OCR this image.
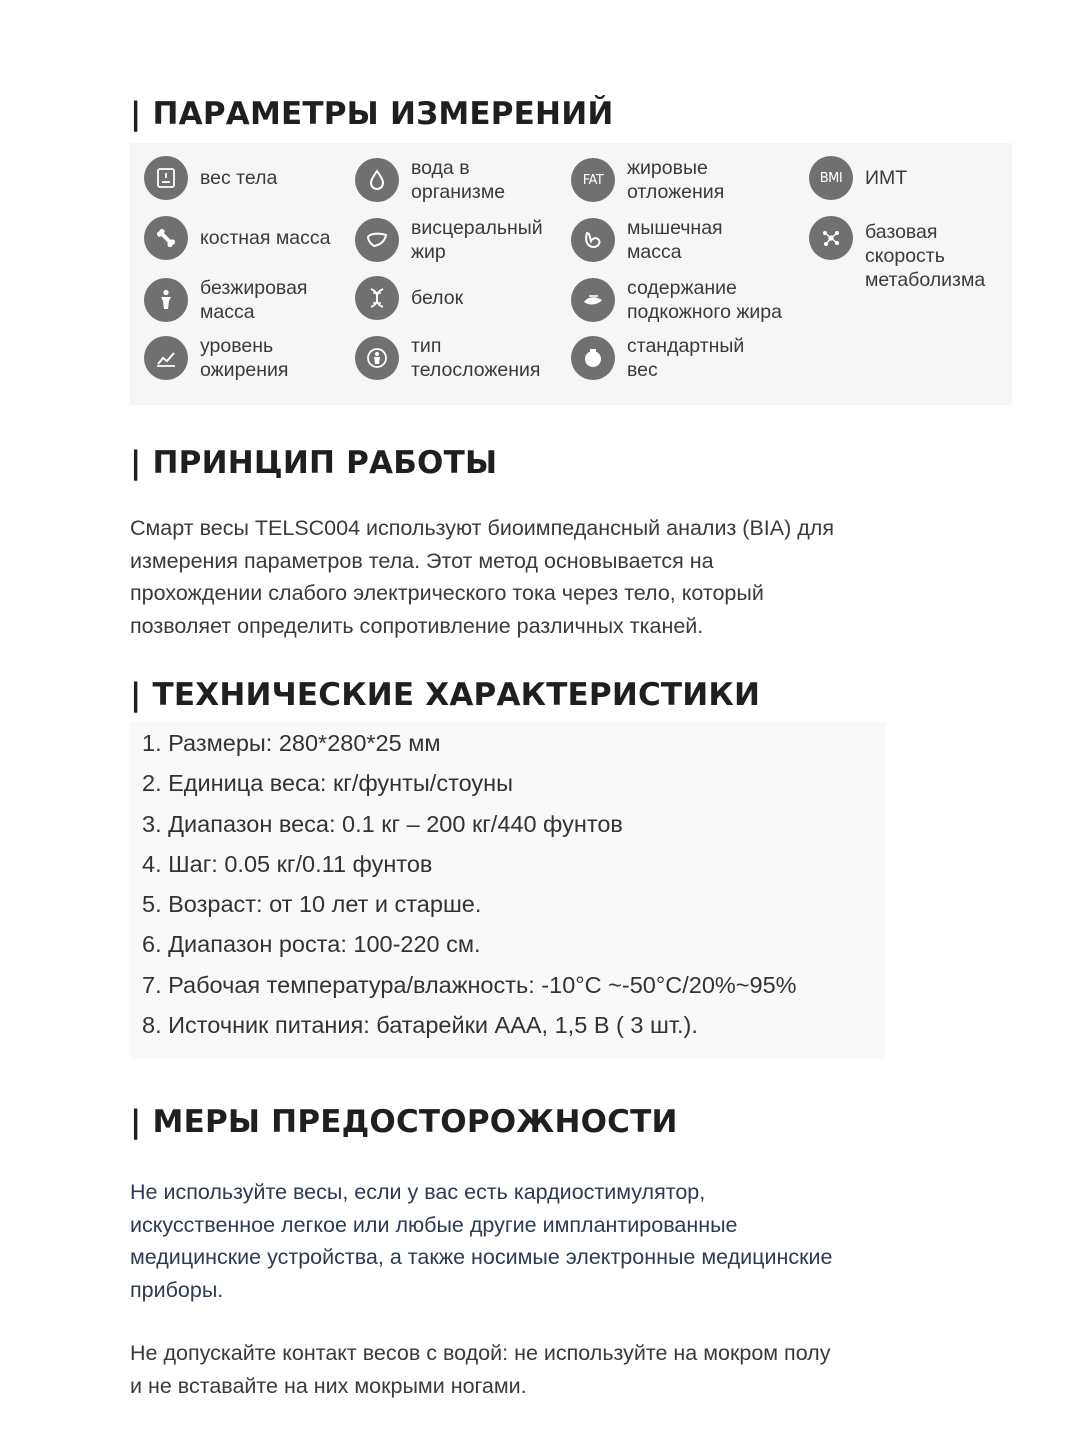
| ПАРАМЕТРЫ ИЗМЕРЕНИЙ
вес тела
костная масса
безжировая
масса
уровень
ожирения
вода в
организме
висцеральный
жир
белок
тип
телосложения
FAT
жировые
отложения
мышечная
масса
содержание
подкожного жира
стандартный
вес
BMI ИМТ
базовая
скорость
метаболизма
| ПРИНЦИП РАБОТЫ

Смарт весы TELSC004 используют биоимпедансный анализ (BIA) для
измерения параметров тела. Этот метод основывается на
прохождении слабого электрического тока через тело, который
позволяет определить сопротивление различных тканей.

| ТЕХНИЧЕСКИЕ ХАРАКТЕРИСТИКИ
1. Размеры: 280*280*25 мм
2. Единица веса: кг/фунты/стоуны
3. Диапазон веса: 0.1 кг – 200 кг/440 фунтов
4. Шаг: 0.05 кг/0.11 фунтов
5. Возраст: от 10 лет и старше.
6. Диапазон роста: 100-220 см.
7. Рабочая температура/влажность: -10°C ~-50°C/20%~95%
8. Источник питания: батарейки AAA, 1,5 В ( 3 шт.).
| МЕРЫ ПРЕДОСТОРОЖНОСТИ

Не используйте весы, если у вас есть кардиостимулятор,
искусственное легкое или любые другие имплантированные
медицинские устройства, а также носимые электронные медицинские
приборы.

Не допускайте контакт весов с водой: не используйте на мокром полу
и не вставайте на них мокрыми ногами.
